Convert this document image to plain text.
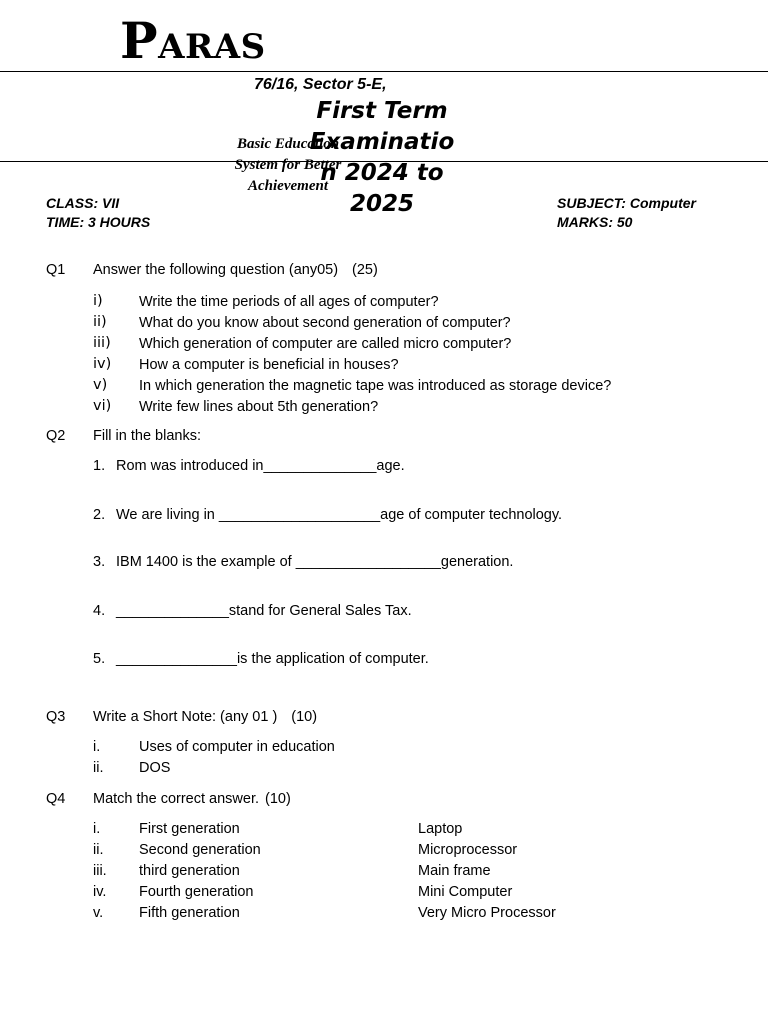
PARAS
76/16, Sector 5-E,
Basic Education
System for Better
Achievement
First Term
Examinatio
n 2024 to
2025
CLASS: VII
TIME: 3 HOURS
SUBJECT: Computer
MARKS: 50
Q1 Answer the following question (any05) (25)
i)	Write the time periods of all ages of computer?
ii) What do you know about second generation of computer?
iii) Which generation of computer are called micro computer?
iv) How a computer is beneficial in houses?
v) In which generation the magnetic tape was introduced as storage device?
vi) Write few lines about 5th generation?
Q2 Fill in the blanks:
1. Rom was introduced in______________age.
2. We are living in ____________________age of computer technology.
3. IBM 1400 is the example of __________________generation.
4. ______________stand for General Sales Tax.
5. _______________is the application of computer.
Q3 Write a Short Note: (any 01 ) (10)
i.	Uses of computer in education
ii. DOS
Q4 Match the correct answer. (10)
i.	First generation	Laptop
ii. Second generation	Microprocessor
iii. third generation	Main frame
iv. Fourth generation	Mini Computer
v. Fifth generation	Very Micro Processor
